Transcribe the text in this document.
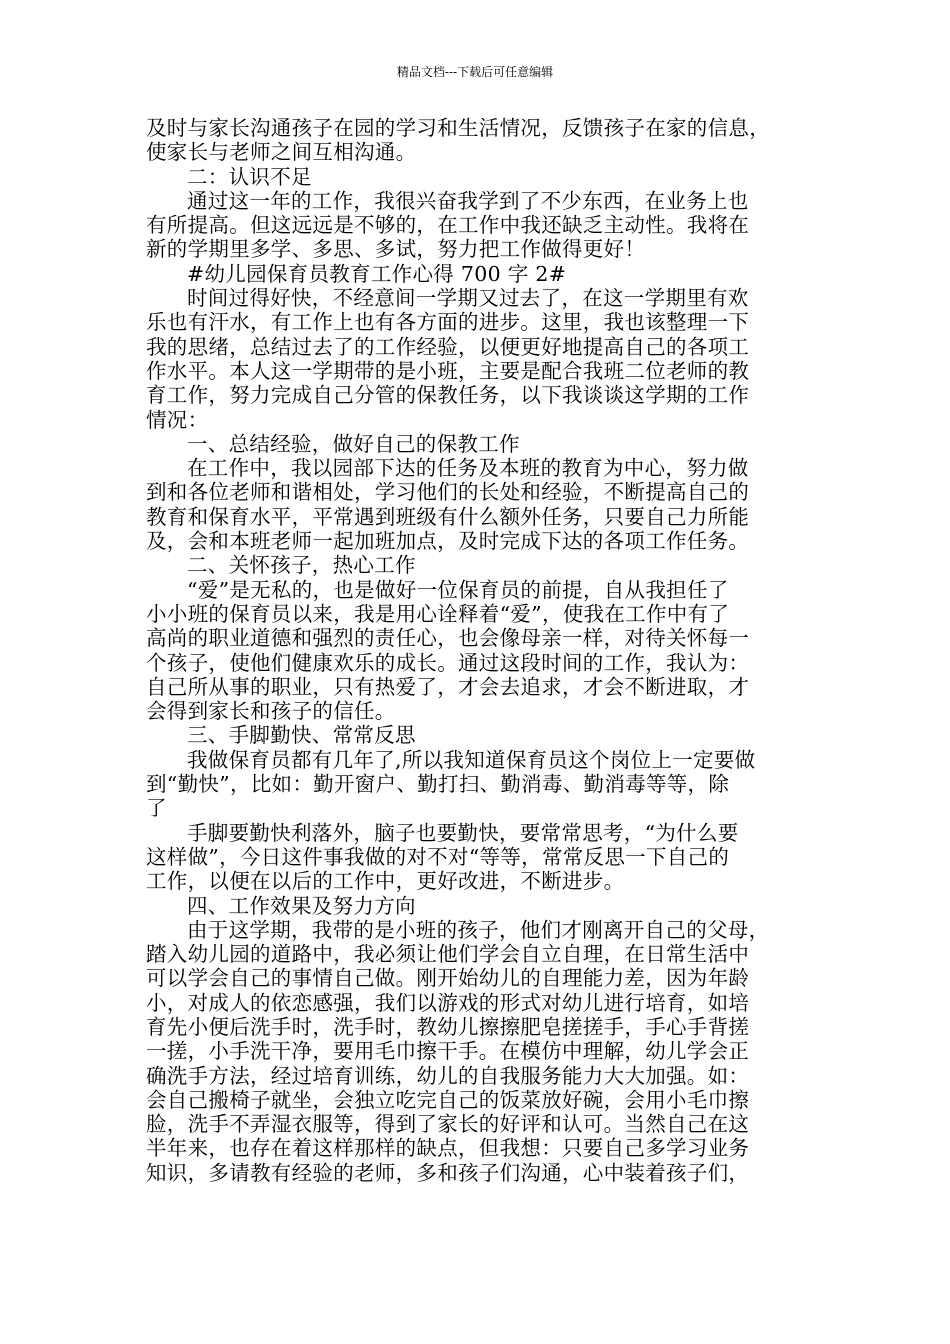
精品文档---下载后可任意编辑
及时与家长沟通孩子在园的学习和生活情况，反馈孩子在家的信息，
使家长与老师之间互相沟通。
二：认识不足
通过这一年的工作，我很兴奋我学到了不少东西，在业务上也
有所提高。但这远远是不够的，在工作中我还缺乏主动性。我将在
新的学期里多学、多思、多试，努力把工作做得更好！
#幼儿园保育员教育工作心得 700 字 2#
时间过得好快，不经意间一学期又过去了，在这一学期里有欢
乐也有汗水，有工作上也有各方面的进步。这里，我也该整理一下
我的思绪，总结过去了的工作经验，以便更好地提高自己的各项工
作水平。本人这一学期带的是小班，主要是配合我班二位老师的教
育工作，努力完成自己分管的保教任务，以下我谈谈这学期的工作
情况：
一、总结经验，做好自己的保教工作
在工作中，我以园部下达的任务及本班的教育为中心，努力做
到和各位老师和谐相处，学习他们的长处和经验，不断提高自己的
教育和保育水平，平常遇到班级有什么额外任务，只要自己力所能
及，会和本班老师一起加班加点，及时完成下达的各项工作任务。
二、关怀孩子，热心工作
“爱”是无私的，也是做好一位保育员的前提，自从我担任了
小小班的保育员以来，我是用心诠释着“爱”，使我在工作中有了
高尚的职业道德和强烈的责任心，也会像母亲一样，对待关怀每一
个孩子，使他们健康欢乐的成长。通过这段时间的工作，我认为：
自己所从事的职业，只有热爱了，才会去追求，才会不断进取，才
会得到家长和孩子的信任。
三、手脚勤快、常常反思
我做保育员都有几年了,所以我知道保育员这个岗位上一定要做
到“勤快”，比如：勤开窗户、勤打扫、勤消毒、勤消毒等等，除
了
手脚要勤快利落外，脑子也要勤快，要常常思考，“为什么要
这样做”，今日这件事我做的对不对“等等，常常反思一下自己的
工作，以便在以后的工作中，更好改进，不断进步。
四、工作效果及努力方向
由于这学期，我带的是小班的孩子，他们才刚离开自己的父母，
踏入幼儿园的道路中，我必须让他们学会自立自理，在日常生活中
可以学会自己的事情自己做。刚开始幼儿的自理能力差，因为年龄
小，对成人的依恋感强，我们以游戏的形式对幼儿进行培育，如培
育先小便后洗手时，洗手时，教幼儿擦擦肥皂搓搓手，手心手背搓
一搓，小手洗干净，要用毛巾擦干手。在模仿中理解，幼儿学会正
确洗手方法，经过培育训练，幼儿的自我服务能力大大加强。如：
会自己搬椅子就坐，会独立吃完自己的饭菜放好碗，会用小毛巾擦
脸，洗手不弄湿衣服等，得到了家长的好评和认可。当然自己在这
半年来，也存在着这样那样的缺点，但我想：只要自己多学习业务
知识，多请教有经验的老师，多和孩子们沟通，心中装着孩子们，
